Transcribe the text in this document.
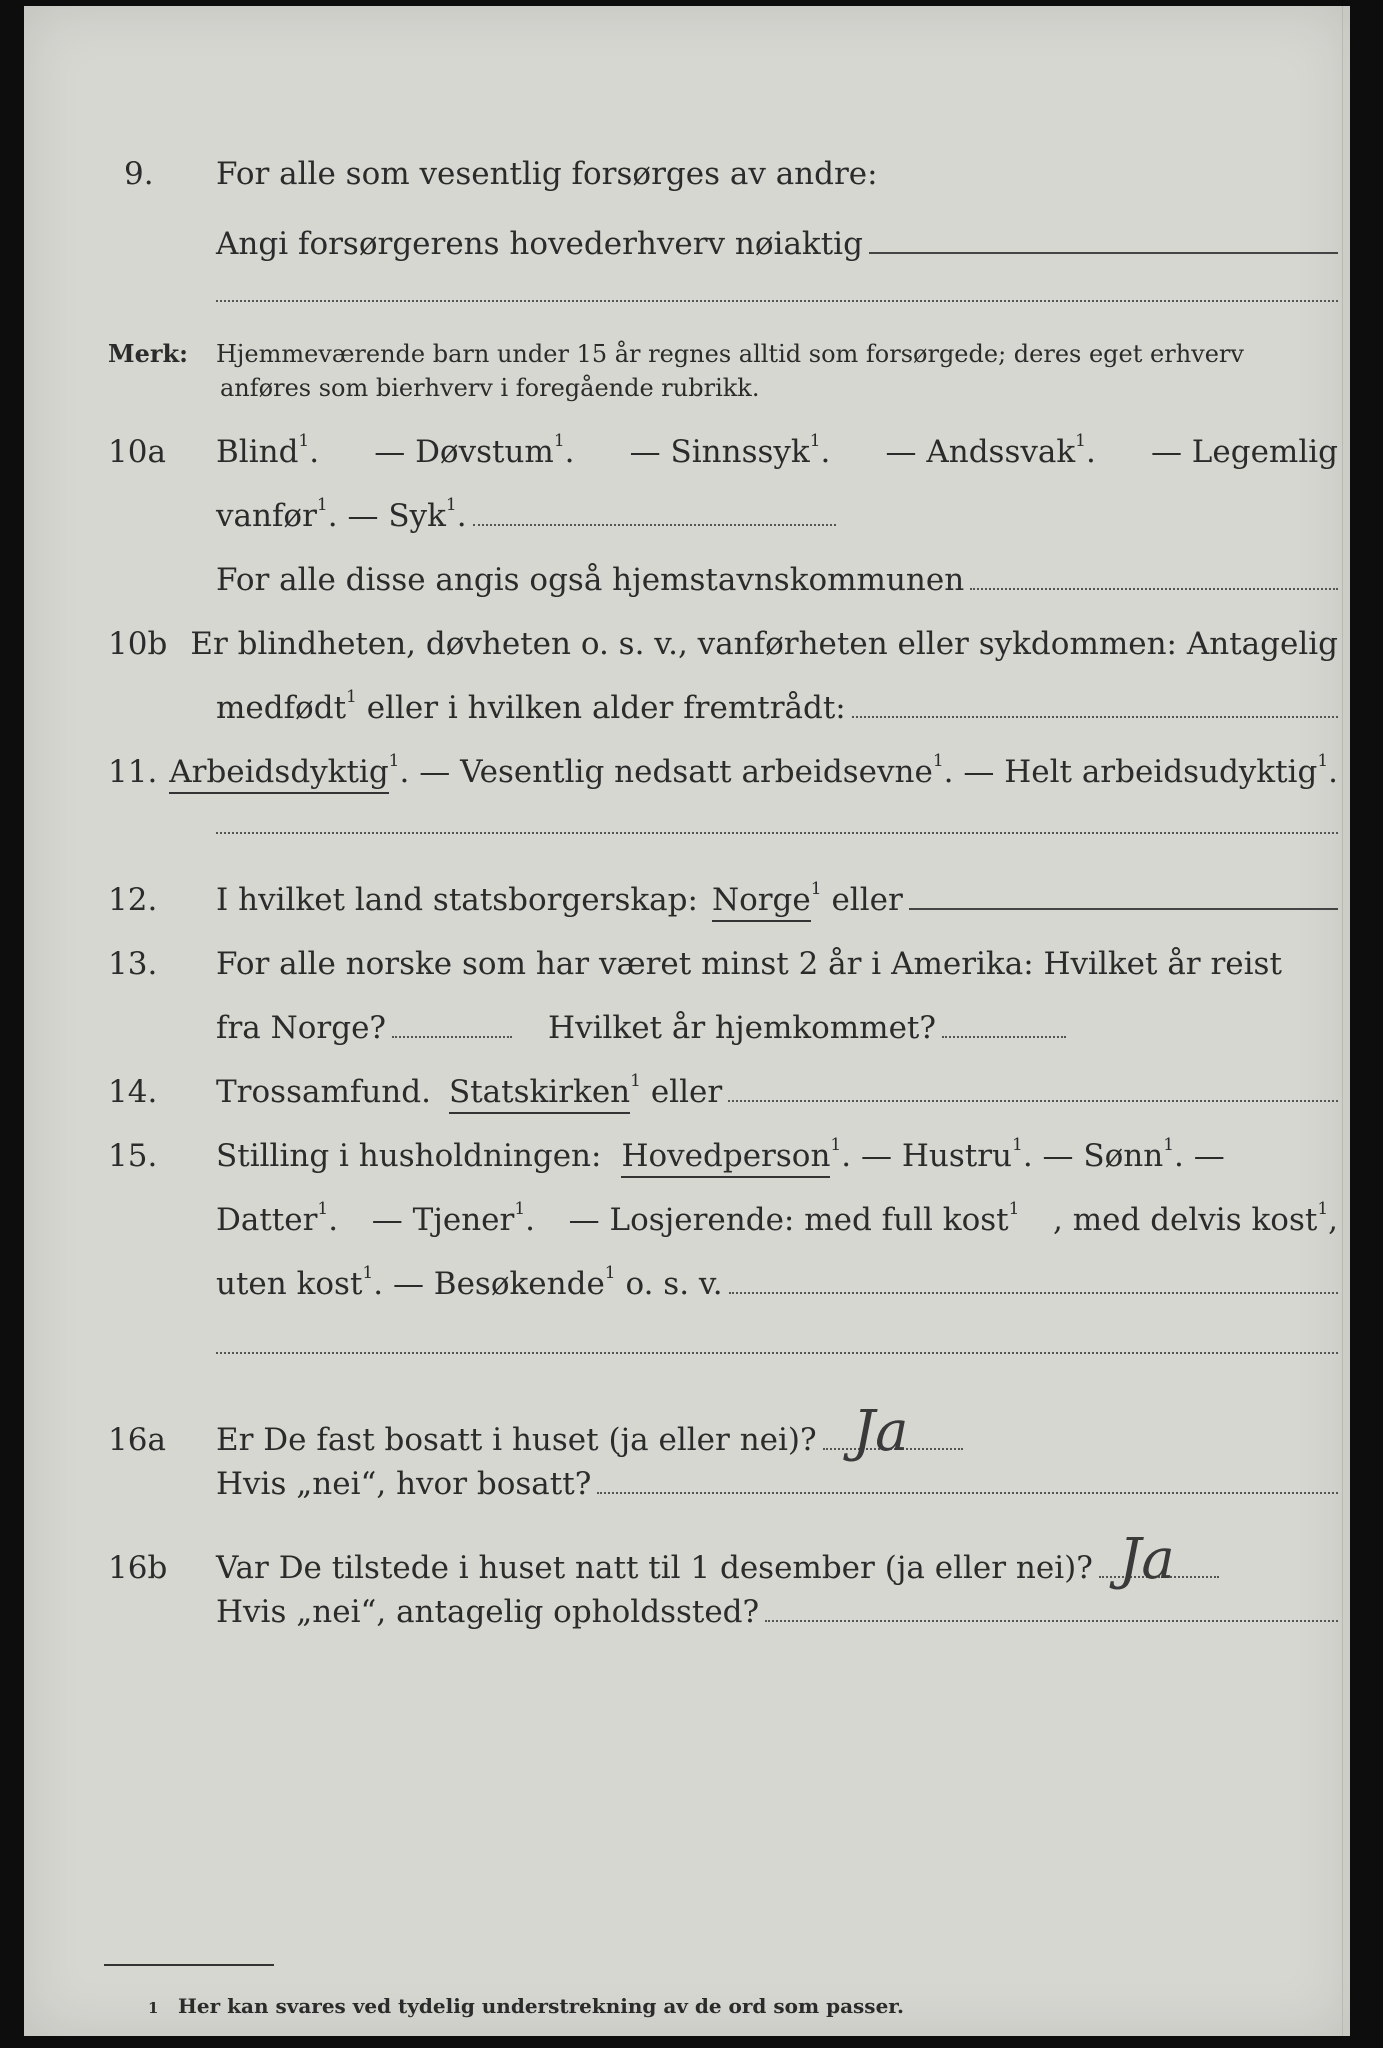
9.	For alle som vesentlig forsørges av andre:
Angi forsørgerens hovederhverv nøiaktig
Merk:	Hjemmeværende barn under 15 år regnes alltid som forsørgede; deres eget erhverv
anføres som bierhverv i foregående rubrikk.
10a	Blind$^1$. — Døvstum$^1$. — Sinnssyk$^1$. — Andssvak$^1$. — Legemlig
vanfør$^1$. — Syk$^1$.
For alle disse angis også hjemstavnskommunen
10b Er blindheten, døvheten o. s. v., vanførheten eller sykdommen: Antagelig
medfødt$^1$ eller i hvilken alder fremtrådt:
11. Arbeidsdyktig$^1$. — Vesentlig nedsatt arbeidsevne$^1$. — Helt arbeidsudyktig$^1$.
12.	I hvilket land statsborgerskap: Norge$^1$ eller
13.	For alle norske som har været minst 2 år i Amerika: Hvilket år reist
fra Norge?	Hvilket år hjemkommet?
14.	Trossamfund. Statskirken$^1$ eller
15.	Stilling i husholdningen: Hovedperson$^1$. — Hustru$^1$. — Sønn$^1$. —
Datter$^1$. — Tjener$^1$. — Losjerende: med full kost$^1$ , med delvis kost$^1$,
uten kost$^1$. — Besøkende$^1$ o. s. v.
16a	Er De fast bosatt i huset (ja eller nei)? Ja
Hvis „nei“, hvor bosatt?
16b	Var De tilstede i huset natt til 1 desember (ja eller nei)? Ja
Hvis „nei“, antagelig opholdssted?
1 Her kan svares ved tydelig understrekning av de ord som passer.
